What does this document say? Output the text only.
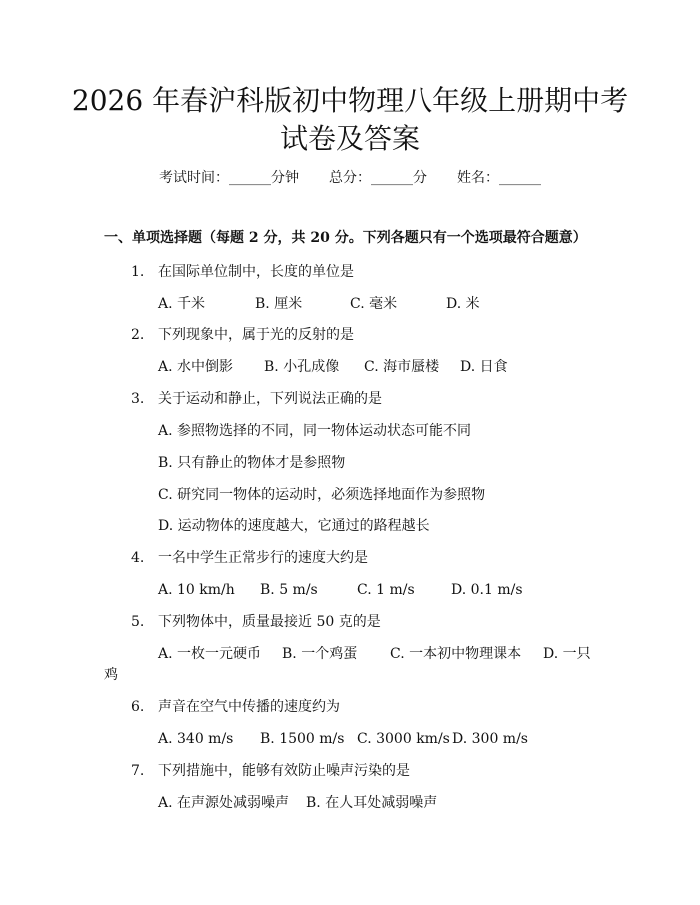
2026 年春沪科版初中物理八年级上册期中考
试卷及答案
考试时间：______分钟 总分：______分 姓名：______
一、单项选择题（每题 2 分，共 20 分。下列各题只有一个选项最符合题意）
1. 在国际单位制中，长度的单位是
A. 千米	B. 厘米	C. 毫米	D. 米
2. 下列现象中，属于光的反射的是
A. 水中倒影 B. 小孔成像 C. 海市蜃楼 D. 日食
3. 关于运动和静止，下列说法正确的是
A. 参照物选择的不同，同一物体运动状态可能不同
B. 只有静止的物体才是参照物
C. 研究同一物体的运动时，必须选择地面作为参照物
D. 运动物体的速度越大，它通过的路程越长
4. 一名中学生正常步行的速度大约是
A. 10 km/h B. 5 m/s	C. 1 m/s	D. 0.1 m/s
5. 下列物体中，质量最接近 50 克的是
A. 一枚一元硬币 B. 一个鸡蛋 C. 一本初中物理课本 D. 一只
鸡
6. 声音在空气中传播的速度约为
A. 340 m/s B. 1500 m/s C. 3000 km/s D. 300 m/s
7. 下列措施中，能够有效防止噪声污染的是
A. 在声源处减弱噪声 B. 在人耳处减弱噪声
